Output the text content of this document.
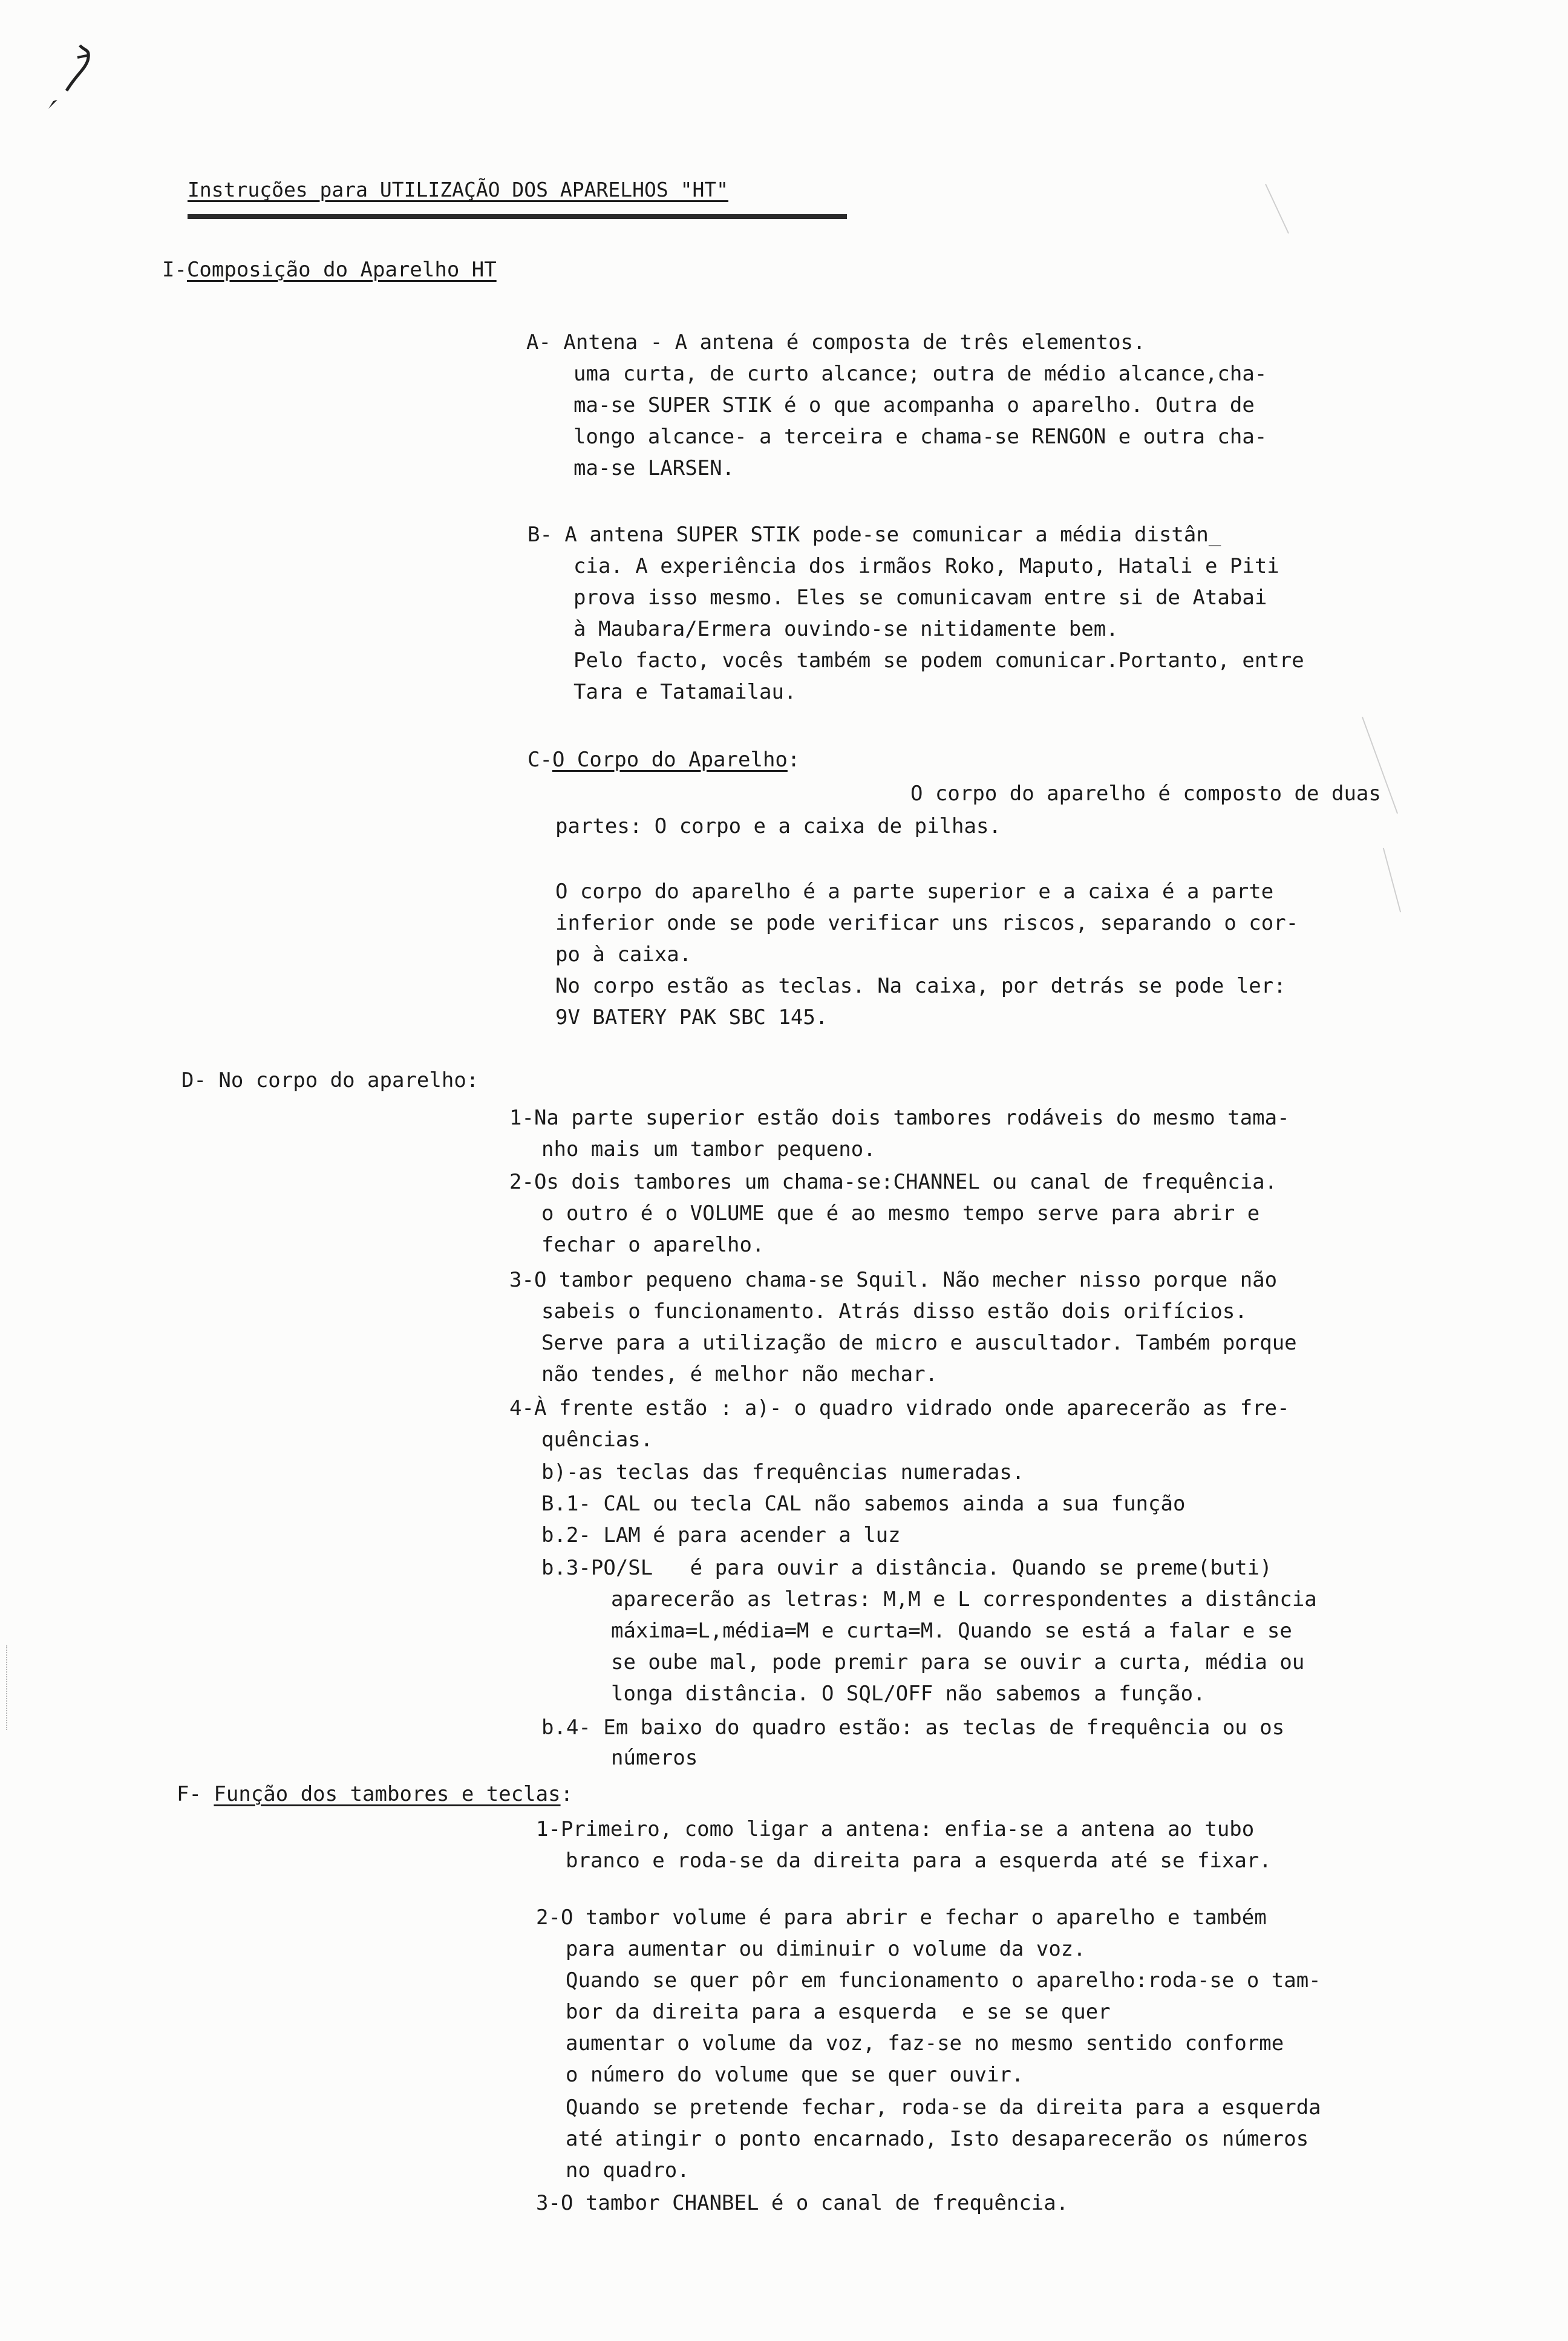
Instruções para UTILIZAÇÃO DOS APARELHOS "HT"

I-Composição do Aparelho HT

A- Antena - A antena é composta de três elementos.

uma curta, de curto alcance; outra de médio alcance,cha-

ma-se SUPER STIK é o que acompanha o aparelho. Outra de

longo alcance- a terceira e chama-se RENGON e outra cha-

ma-se LARSEN.

B- A antena SUPER STIK pode-se comunicar a média distân_

cia. A experiência dos irmãos Roko, Maputo, Hatali e Piti

prova isso mesmo. Eles se comunicavam entre si de Atabai

à Maubara/Ermera ouvindo-se nitidamente bem.

Pelo facto, vocês também se podem comunicar.Portanto, entre

Tara e Tatamailau.

C-O Corpo do Aparelho:

O corpo do aparelho é composto de duas

partes: O corpo e a caixa de pilhas.

O corpo do aparelho é a parte superior e a caixa é a parte

inferior onde se pode verificar uns riscos, separando o cor-

po à caixa.

No corpo estão as teclas. Na caixa, por detrás se pode ler:

9V BATERY PAK SBC 145.

D- No corpo do aparelho:

1-Na parte superior estão dois tambores rodáveis do mesmo tama-

nho mais um tambor pequeno.

2-Os dois tambores um chama-se:CHANNEL ou canal de frequência.

o outro é o VOLUME que é ao mesmo tempo serve para abrir e

fechar o aparelho.

3-O tambor pequeno chama-se Squil. Não mecher nisso porque não

sabeis o funcionamento. Atrás disso estão dois orifícios.

Serve para a utilização de micro e auscultador. Também porque

não tendes, é melhor não mechar.

4-À frente estão : a)- o quadro vidrado onde aparecerão as fre-

quências.

b)-as teclas das frequências numeradas.

B.1- CAL ou tecla CAL não sabemos ainda a sua função

b.2- LAM é para acender a luz

b.3-PO/SL   é para ouvir a distância. Quando se preme(buti)

aparecerão as letras: M,M e L correspondentes a distância

máxima=L,média=M e curta=M. Quando se está a falar e se

se oube mal, pode premir para se ouvir a curta, média ou

longa distância. O SQL/OFF não sabemos a função.

b.4- Em baixo do quadro estão: as teclas de frequência ou os

números

F- Função dos tambores e teclas:

1-Primeiro, como ligar a antena: enfia-se a antena ao tubo

branco e roda-se da direita para a esquerda até se fixar.

2-O tambor volume é para abrir e fechar o aparelho e também

para aumentar ou diminuir o volume da voz.

Quando se quer pôr em funcionamento o aparelho:roda-se o tam-

bor da direita para a esquerda  e se se quer

aumentar o volume da voz, faz-se no mesmo sentido conforme

o número do volume que se quer ouvir.

Quando se pretende fechar, roda-se da direita para a esquerda

até atingir o ponto encarnado, Isto desaparecerão os números

no quadro.

3-O tambor CHANBEL é o canal de frequência.
